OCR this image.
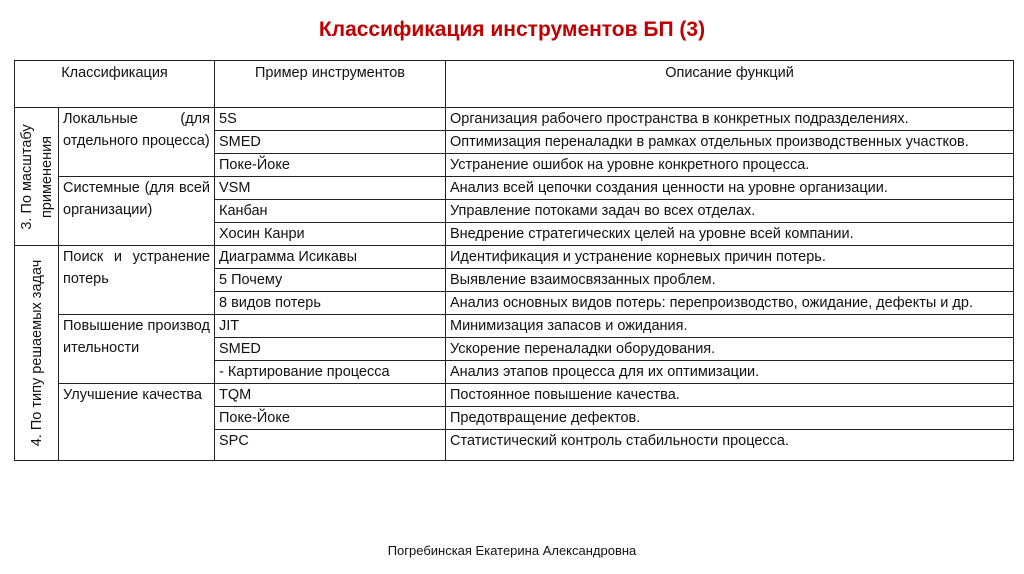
Классификация инструментов БП (3)
Классификация		Пример инструментов	Описание функций

3. По масштабу применения	Локальные (для отдельного процесса)	5S	Организация рабочего пространства в конкретных подразделениях.
		SMED	Оптимизация переналадки в рамках отдельных производственных участков.
		Поке-Йоке	Устранение ошибок на уровне конкретного процесса.
	Системные (для всей организации)	VSM	Анализ всей цепочки создания ценности на уровне организации.
		Канбан	Управление потоками задач во всех отделах.
		Хосин Канри	Внедрение стратегических целей на уровне всей компании.

4. По типу решаемых задач	Поиск и устранение потерь	Диаграмма Исикавы	Идентификация и устранение корневых причин потерь.
		5 Почему	Выявление взаимосвязанных проблем.
		8 видов потерь	Анализ основных видов потерь: перепроизводство, ожидание, дефекты и др.
	Повышение производительности	JIT	Минимизация запасов и ожидания.
		SMED	Ускорение переналадки оборудования.
		- Картирование процесса	Анализ этапов процесса для их оптимизации.
	Улучшение качества	TQM	Постоянное повышение качества.
		Поке-Йоке	Предотвращение дефектов.
		SPC	Статистический контроль стабильности процесса.
Погребинская Екатерина Александровна
